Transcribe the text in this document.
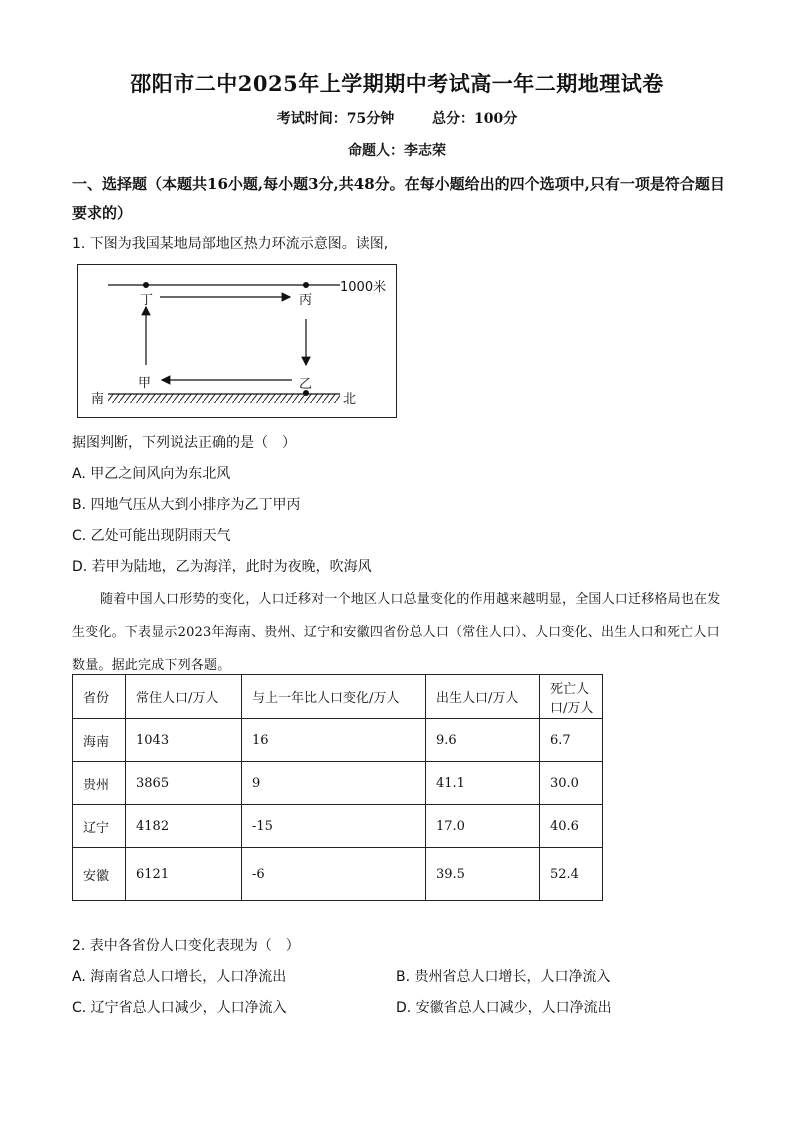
邵阳市二中2025年上学期期中考试高一年二期地理试卷
考试时间：75分钟	总分：100分
命题人：李志荣
一、选择题（本题共16小题,每小题3分,共48分。在每小题给出的四个选项中,只有一项是符合题目要求的）
1. 下图为我国某地局部地区热力环流示意图。读图,
丁	丙
甲	乙
1000米
南	北
据图判断，下列说法正确的是（　）
A. 甲乙之间风向为东北风
B. 四地气压从大到小排序为乙丁甲丙
C. 乙处可能出现阴雨天气
D. 若甲为陆地，乙为海洋，此时为夜晚，吹海风
随着中国人口形势的变化，人口迁移对一个地区人口总量变化的作用越来越明显，全国人口迁移格局也在发生变化。下表显示2023年海南、贵州、辽宁和安徽四省份总人口（常住人口）、人口变化、出生人口和死亡人口数量。据此完成下列各题。
省份	常住人口/万人	与上一年比人口变化/万人	出生人口/万人	死亡人口/万人
海南	1043	16	9.6	6.7
贵州	3865	9	41.1	30.0
辽宁	4182	-15	17.0	40.6
安徽	6121	-6	39.5	52.4
2. 表中各省份人口变化表现为（　）
A. 海南省总人口增长，人口净流出	B. 贵州省总人口增长，人口净流入
C. 辽宁省总人口减少，人口净流入	D. 安徽省总人口减少，人口净流出
